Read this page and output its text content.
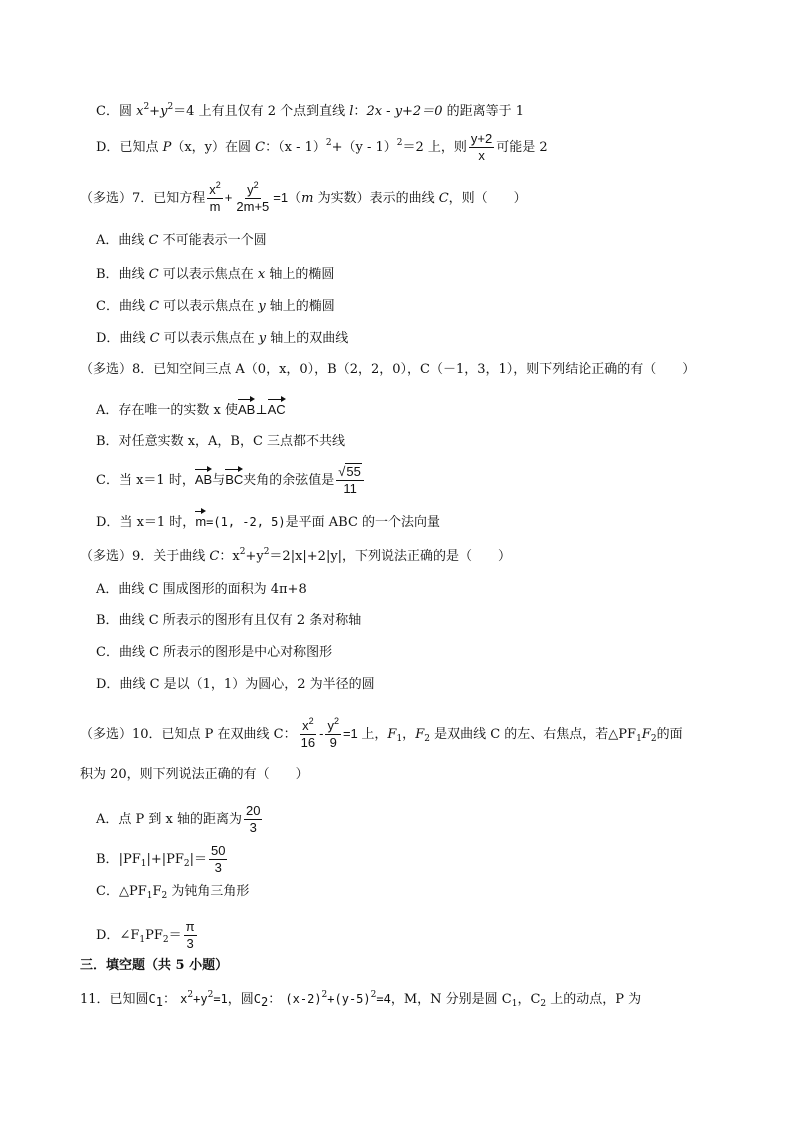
C．圆 $x^2+y^2=4$ 上有且仅有 2 个点到直线 l：2x - y+2＝0 的距离等于 1
D．已知点 P（x，y）在圆 C：（x - 1）$^2$+（y - 1）$^2$＝2 上，则 $\frac{y+2}{x}$ 可能是 2
（多选）7．已知方程 $\frac{x^2}{m} + \frac{y^2}{2m+5} =1(m$ 为实数）表示的曲线 C，则（　　）
A．曲线 C 不可能表示一个圆
B．曲线 C 可以表示焦点在 x 轴上的椭圆
C．曲线 C 可以表示焦点在 y 轴上的椭圆
D．曲线 C 可以表示焦点在 y 轴上的双曲线
（多选）8．已知空间三点 A（0，x，0），B（2，2，0），C（－1，3，1），则下列结论正确的有（　　）
A．存在唯一的实数 x 使AB⊥AC
B．对任意实数 x，A，B，C 三点都不共线
C．当 x＝1 时，AB与BC夹角的余弦值是 $\frac{√55}{11}$
D．当 x＝1 时，m=(1, -2, 5)是平面 ABC 的一个法向量
（多选）9．关于曲线 C：$x^2+y^2=2|x|+2|y|$，下列说法正确的是（　　）
A．曲线 C 围成图形的面积为 4π+8
B．曲线 C 所表示的图形有且仅有 2 条对称轴
C．曲线 C 所表示的图形是中心对称图形
D．曲线 C 是以（1，1）为圆心，2 为半径的圆
（多选）10．已知点 P 在双曲线 C： $\frac{x^2}{16} - \frac{y^2}{9} =1$ 上，$F_1$，$F_2$ 是双曲线 C 的左、右焦点，若$\triangle PF_1F_2$的面
积为 20，则下列说法正确的有（　　）
A．点 P 到 x 轴的距离为 $\frac{20}{3}$
B．$|PF_1|+|PF_2|= \frac{50}{3}$
C．$\triangle PF_1F_2$ 为钝角三角形
D．$\angle F_1PF_2= \frac{\pi}{3}$
三．填空题（共 5 小题）
11．已知圆$C_1$： $x^2+y^2=1$，圆$C_2$： $(x-2)^2+(y-5)^2=4$，M，N 分别是圆 $C_1$，$C_2$ 上的动点，P 为
